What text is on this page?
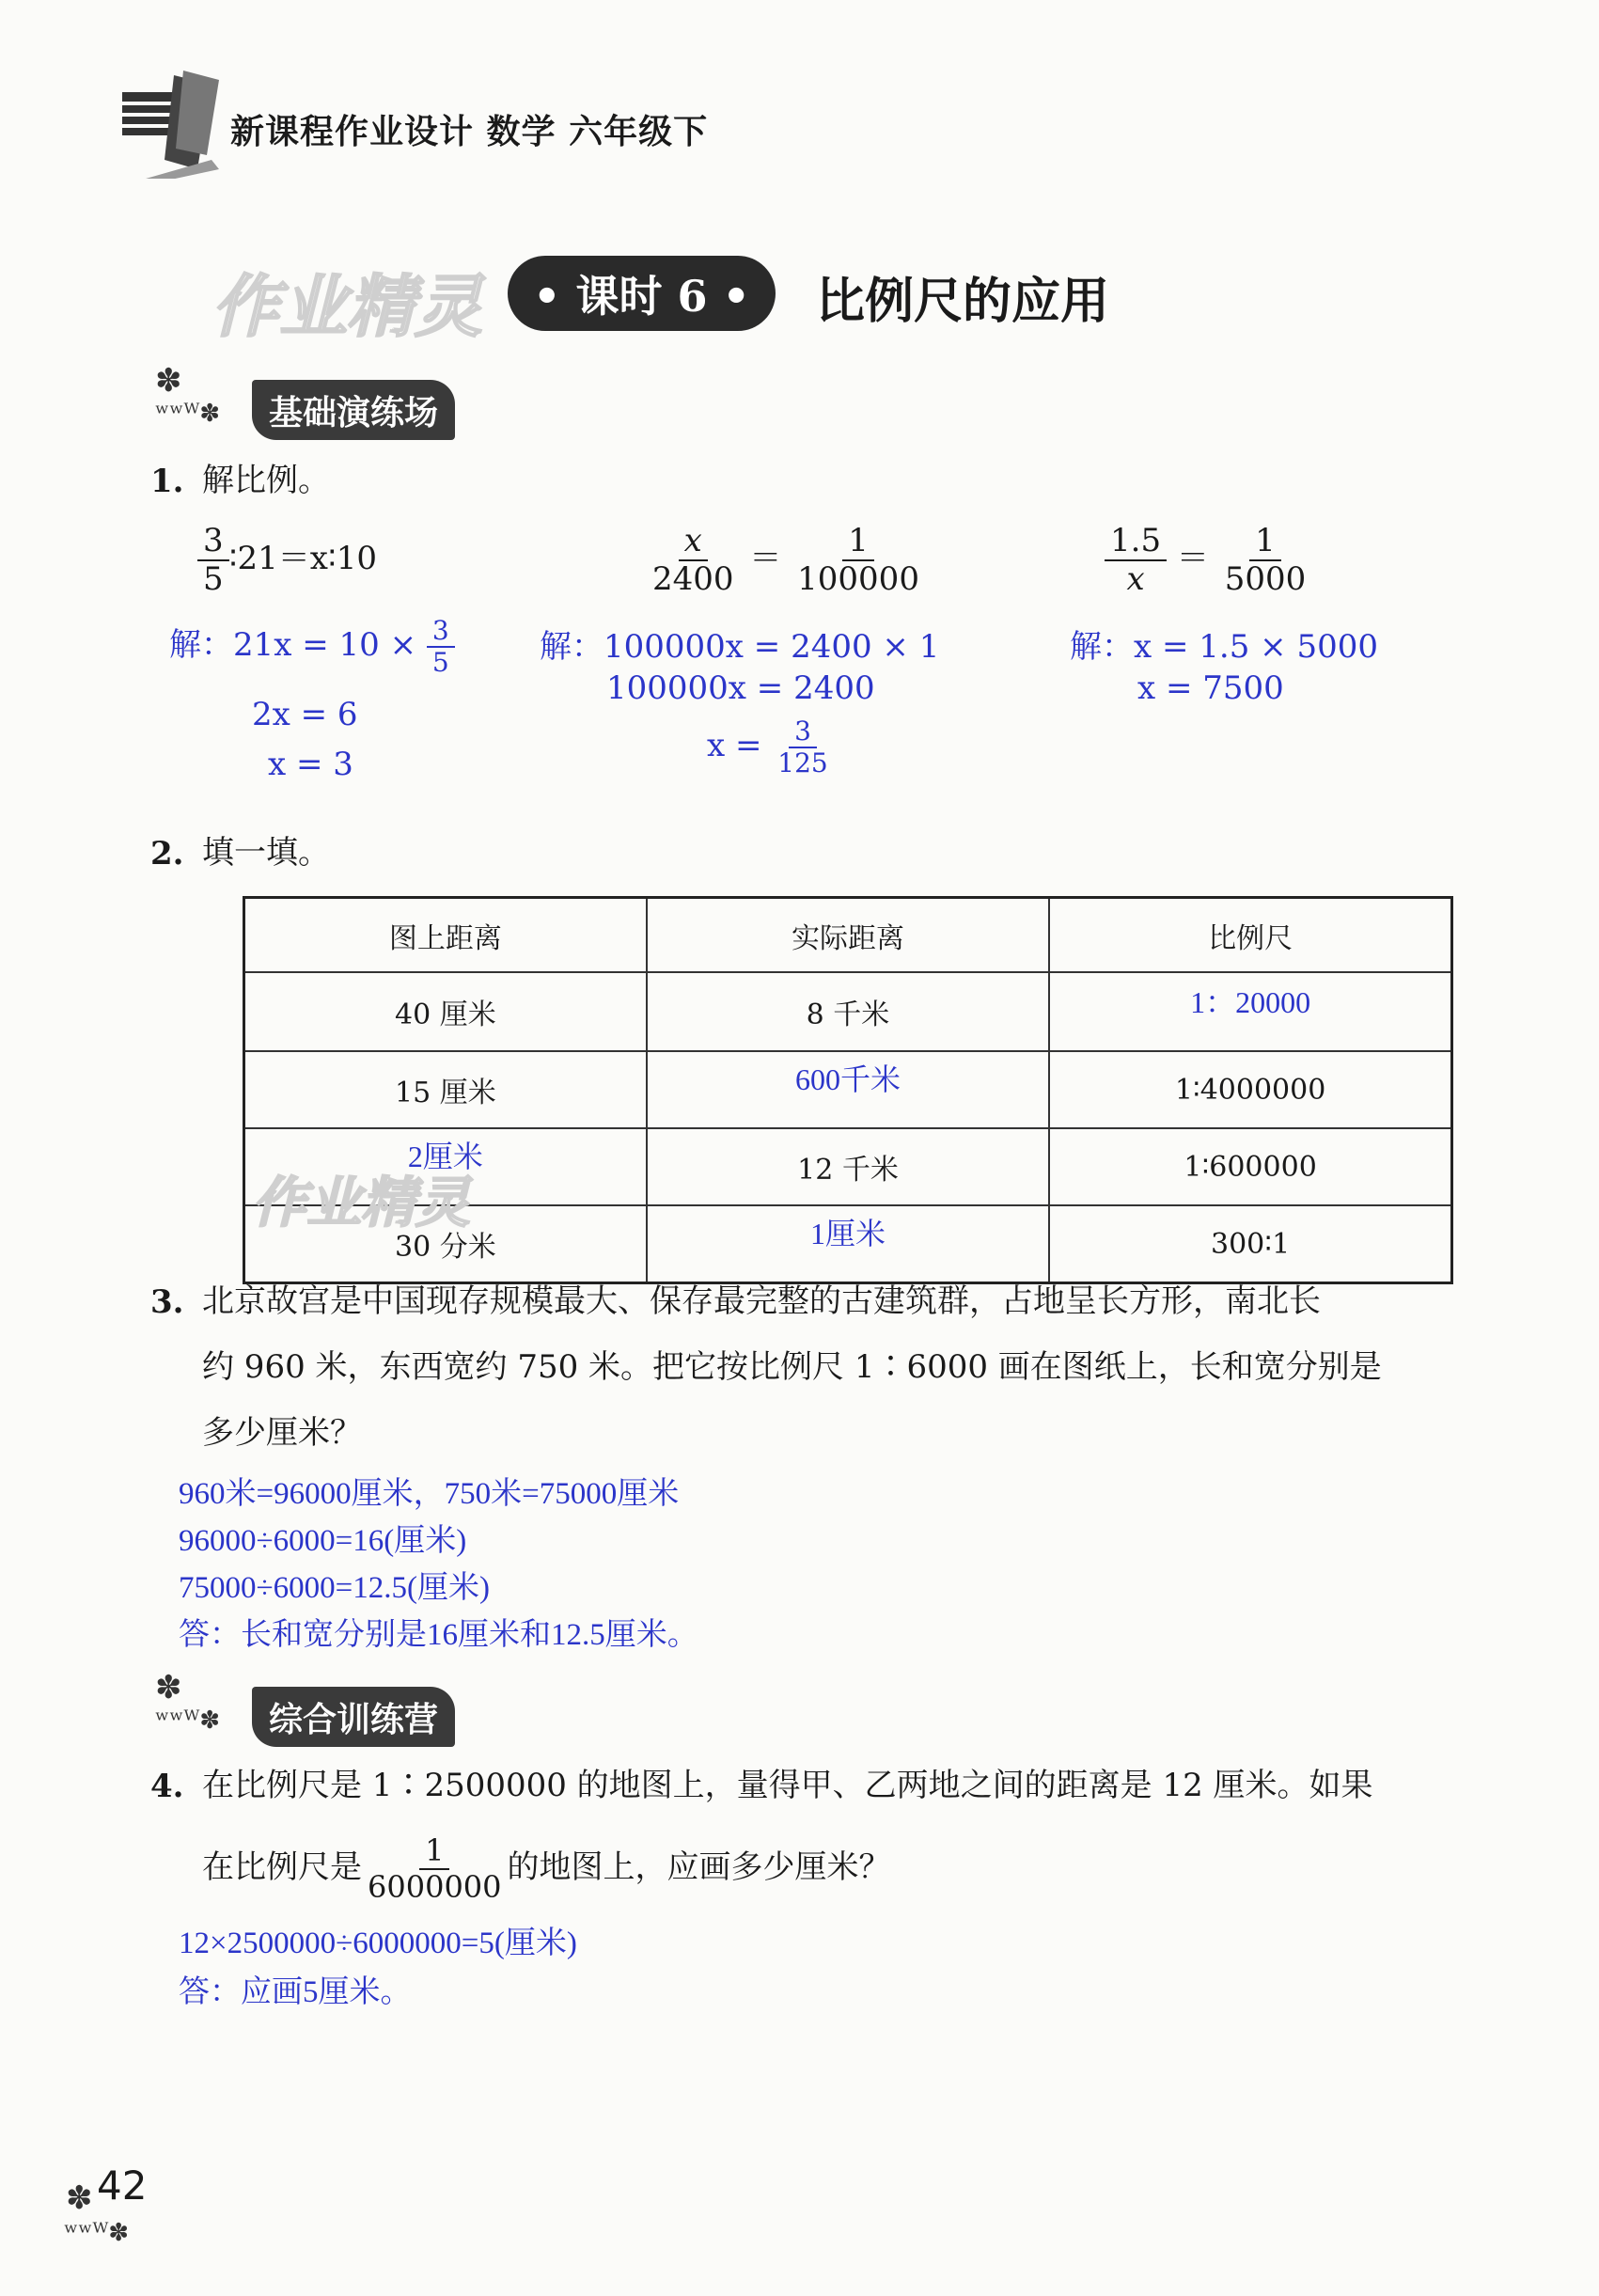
新课程作业设计 数学 六年级下
作业精灵	• 课时 6 •	比例尺的应用
✽
ʷʷᵂ✽	基础演练场
1. 解比例。
$\frac{3}{5}$ ∶21＝x∶10
解：$21x = 10 \times \frac{3}{5}$
2x = 6
x = 3
$\frac{x}{2400} = \frac{1}{100000}$
解：100000x = 2400 × 1
100000x = 2400
$x = \frac{3}{125}$
$\frac{1.5}{x} = \frac{1}{5000}$
解：x = 1.5 × 5000
x = 7500
2. 填一填。
图上距离	实际距离	比例尺
40 厘米	8 千米	1：20000
15 厘米	600千米	1∶4000000
2厘米	12 千米	1∶600000
30 分米	1厘米	300∶1
作业精灵
3. 北京故宫是中国现存规模最大、保存最完整的古建筑群，占地呈长方形，南北长
约 960 米，东西宽约 750 米。把它按比例尺 1∶6000 画在图纸上，长和宽分别是
多少厘米？
960米=96000厘米，750米=75000厘米
96000÷6000=16(厘米)
75000÷6000=12.5(厘米)
答：长和宽分别是16厘米和12.5厘米。
✽
ʷʷᵂ✽	综合训练营
4. 在比例尺是 1∶2500000 的地图上，量得甲、乙两地之间的距离是 12 厘米。如果
在比例尺是 $\frac{1}{6000000}$ 的地图上，应画多少厘米？
12×2500000÷6000000=5(厘米)
答：应画5厘米。
✽ 42
ʷʷᵂ✽
